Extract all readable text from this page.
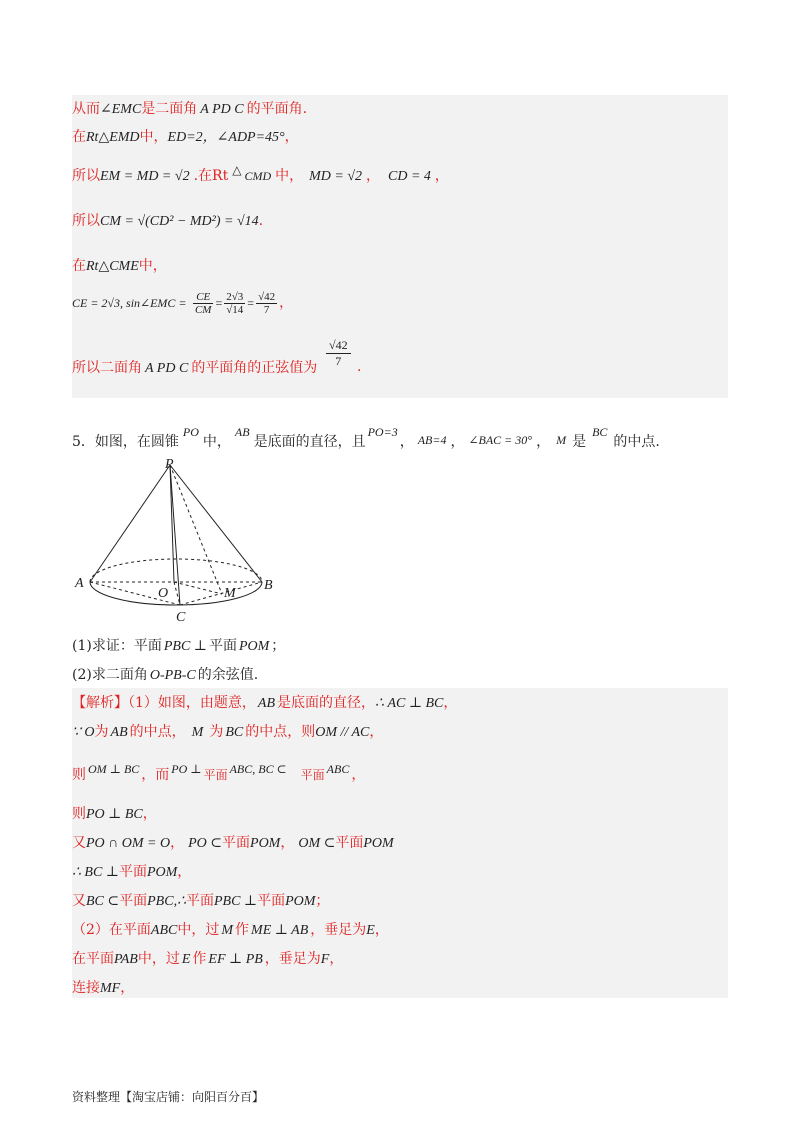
从而∠EMC是二面角 A PD C 的平面角.
在Rt△EMD中，ED=2，∠ADP=45°，
所以EM = MD = √2 .在Rt △ CMD 中， MD = √2 ， CD = 4 ，
所以CM = √(CD² − MD²) = √14.
在Rt△CME中，
CE = 2√3, sin∠EMC = $\frac{CE}{CM} = \frac{2√3}{√14} = \frac{√42}{7}$ ，
所以二面角 A PD C 的平面角的正弦值为
√42
7	.
5．如图，在圆锥PO中，AB是底面的直径，且PO=3， AB=4 ， ∠BAC = 30° ， M 是BC的中点.
P
A	B
O
C
M
(1)求证：平面 PBC ⊥ 平面 POM ；
(2)求二面角 O-PB-C 的余弦值.
【解析】（1）如图，由题意， AB 是底面的直径，∴ AC ⊥ BC，
∵ O为 AB 的中点， M 为 BC 的中点，则OM // AC，
则 OM ⊥ BC ，而 PO ⊥ 平面 ABC, BC ⊂ 平面 ABC ，
则PO ⊥ BC，
又PO ∩ OM = O， PO ⊂平面POM， OM ⊂平面POM
∴ BC ⊥平面POM，
又BC ⊂平面PBC,∴平面PBC ⊥平面POM；
（2）在平面ABC中，过 M 作 ME ⊥ AB ，垂足为E，
在平面PAB中，过 E 作 EF ⊥ PB ，垂足为F，
连接MF，
资料整理【淘宝店铺：向阳百分百】
